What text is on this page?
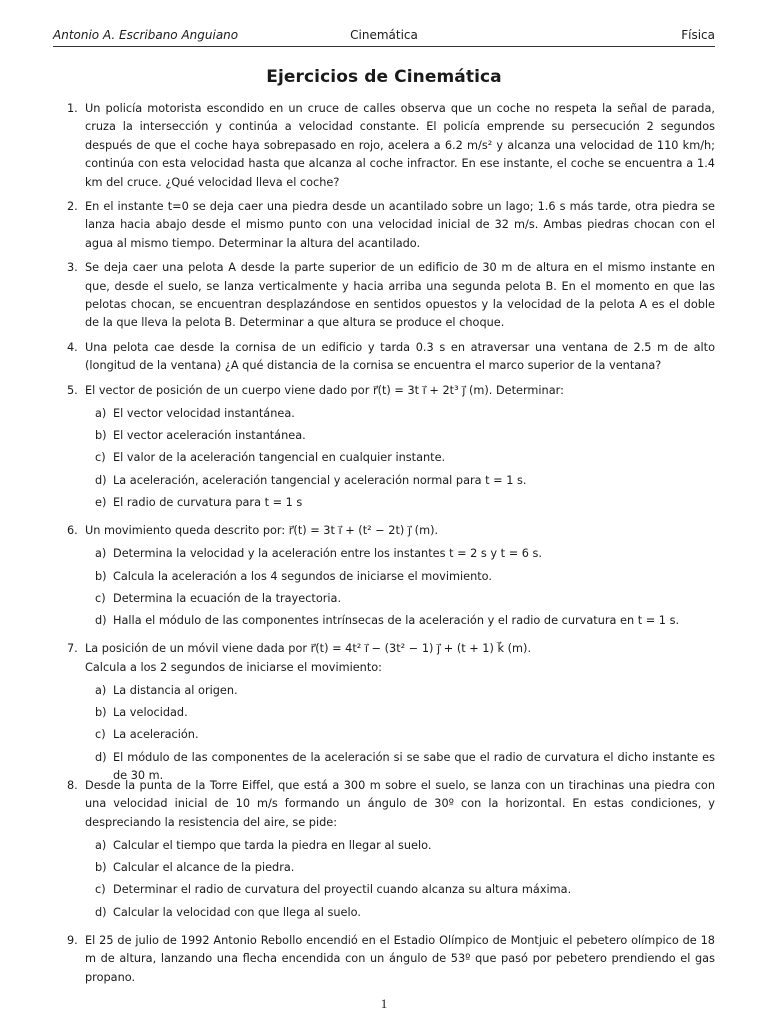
Antonio A. Escribano Anguiano	Cinemática	Física
Ejercicios de Cinemática
1. Un policía motorista escondido en un cruce de calles observa que un coche no respeta la señal de parada, cruza la intersección y continúa a velocidad constante. El policía emprende su persecución 2 segundos después de que el coche haya sobrepasado en rojo, acelera a 6.2 m/s² y alcanza una velocidad de 110 km/h; continúa con esta velocidad hasta que alcanza al coche infractor. En ese instante, el coche se encuentra a 1.4 km del cruce. ¿Qué velocidad lleva el coche?
2. En el instante t=0 se deja caer una piedra desde un acantilado sobre un lago; 1.6 s más tarde, otra piedra se lanza hacia abajo desde el mismo punto con una velocidad inicial de 32 m/s. Ambas piedras chocan con el agua al mismo tiempo. Determinar la altura del acantilado.
3. Se deja caer una pelota A desde la parte superior de un edificio de 30 m de altura en el mismo instante en que, desde el suelo, se lanza verticalmente y hacia arriba una segunda pelota B. En el momento en que las pelotas chocan, se encuentran desplazándose en sentidos opuestos y la velocidad de la pelota A es el doble de la que lleva la pelota B. Determinar a que altura se produce el choque.
4. Una pelota cae desde la cornisa de un edificio y tarda 0.3 s en atraversar una ventana de 2.5 m de alto (longitud de la ventana) ¿A qué distancia de la cornisa se encuentra el marco superior de la ventana?
5. El vector de posición de un cuerpo viene dado por r⃗(t) = 3t i⃗ + 2t³ j⃗ (m). Determinar:
a) El vector velocidad instantánea.
b) El vector aceleración instantánea.
c) El valor de la aceleración tangencial en cualquier instante.
d) La aceleración, aceleración tangencial y aceleración normal para t = 1 s.
e) El radio de curvatura para t = 1 s
6. Un movimiento queda descrito por: r⃗(t) = 3t i⃗ + (t² − 2t) j⃗ (m).
a) Determina la velocidad y la aceleración entre los instantes t = 2 s y t = 6 s.
b) Calcula la aceleración a los 4 segundos de iniciarse el movimiento.
c) Determina la ecuación de la trayectoria.
d) Halla el módulo de las componentes intrínsecas de la aceleración y el radio de curvatura en t = 1 s.
7. La posición de un móvil viene dada por r⃗(t) = 4t² i⃗ − (3t² − 1) j⃗ + (t + 1) k⃗ (m).
Calcula a los 2 segundos de iniciarse el movimiento:
a) La distancia al origen.
b) La velocidad.
c) La aceleración.
d) El módulo de las componentes de la aceleración si se sabe que el radio de curvatura el dicho instante es de 30 m.
8. Desde la punta de la Torre Eiffel, que está a 300 m sobre el suelo, se lanza con un tirachinas una piedra con una velocidad inicial de 10 m/s formando un ángulo de 30º con la horizontal. En estas condiciones, y despreciando la resistencia del aire, se pide:
a) Calcular el tiempo que tarda la piedra en llegar al suelo.
b) Calcular el alcance de la piedra.
c) Determinar el radio de curvatura del proyectil cuando alcanza su altura máxima.
d) Calcular la velocidad con que llega al suelo.
9. El 25 de julio de 1992 Antonio Rebollo encendió en el Estadio Olímpico de Montjuic el pebetero olímpico de 18 m de altura, lanzando una flecha encendida con un ángulo de 53º que pasó por pebetero prendiendo el gas propano.
1
